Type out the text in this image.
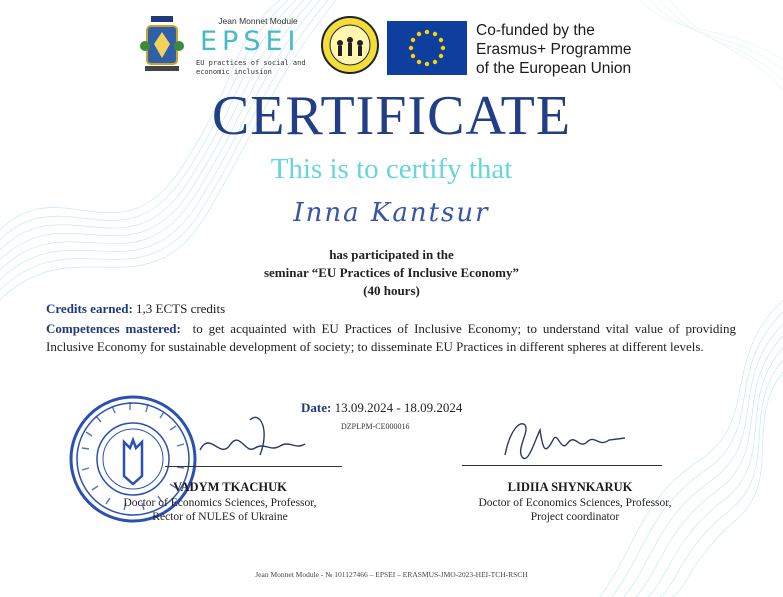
Jean Monnet Module
EPSEI
EU practices of social and economic inclusion
Co-funded by the
Erasmus+ Programme
of the European Union
CERTIFICATE
This is to certify that
Inna Kantsur
has participated in the
seminar “EU Practices of Inclusive Economy”
(40 hours)
Credits earned: 1,3 ECTS credits
Competences mastered: to get acquainted with EU Practices of Inclusive Economy; to understand vital value of providing Inclusive Economy for sustainable development of society; to disseminate EU Practices in different spheres at different levels.
Date: 13.09.2024 - 18.09.2024
DZPLPM-CE000016
VADYM TKACHUK
Doctor of Economics Sciences, Professor,
Rector of NULES of Ukraine
LIDIIA SHYNKARUK
Doctor of Economics Sciences, Professor,
Project coordinator
Jean Monnet Module - № 101127466 – EPSEI – ERASMUS-JMO-2023-HEI-TCH-RSCH
